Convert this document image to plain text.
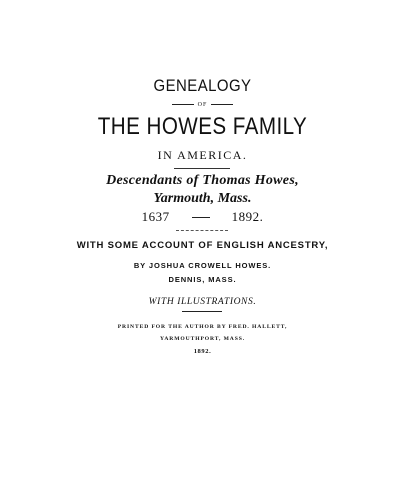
GENEALOGY
OF
THE HOWES FAMILY
IN AMERICA.
Descendants of Thomas Howes,
Yarmouth, Mass.
1637	1892.
WITH SOME ACCOUNT OF ENGLISH ANCESTRY,
BY JOSHUA CROWELL HOWES.
DENNIS, MASS.
WITH ILLUSTRATIONS.
PRINTED FOR THE AUTHOR BY FRED. HALLETT,
YARMOUTHPORT, MASS.
1892.
